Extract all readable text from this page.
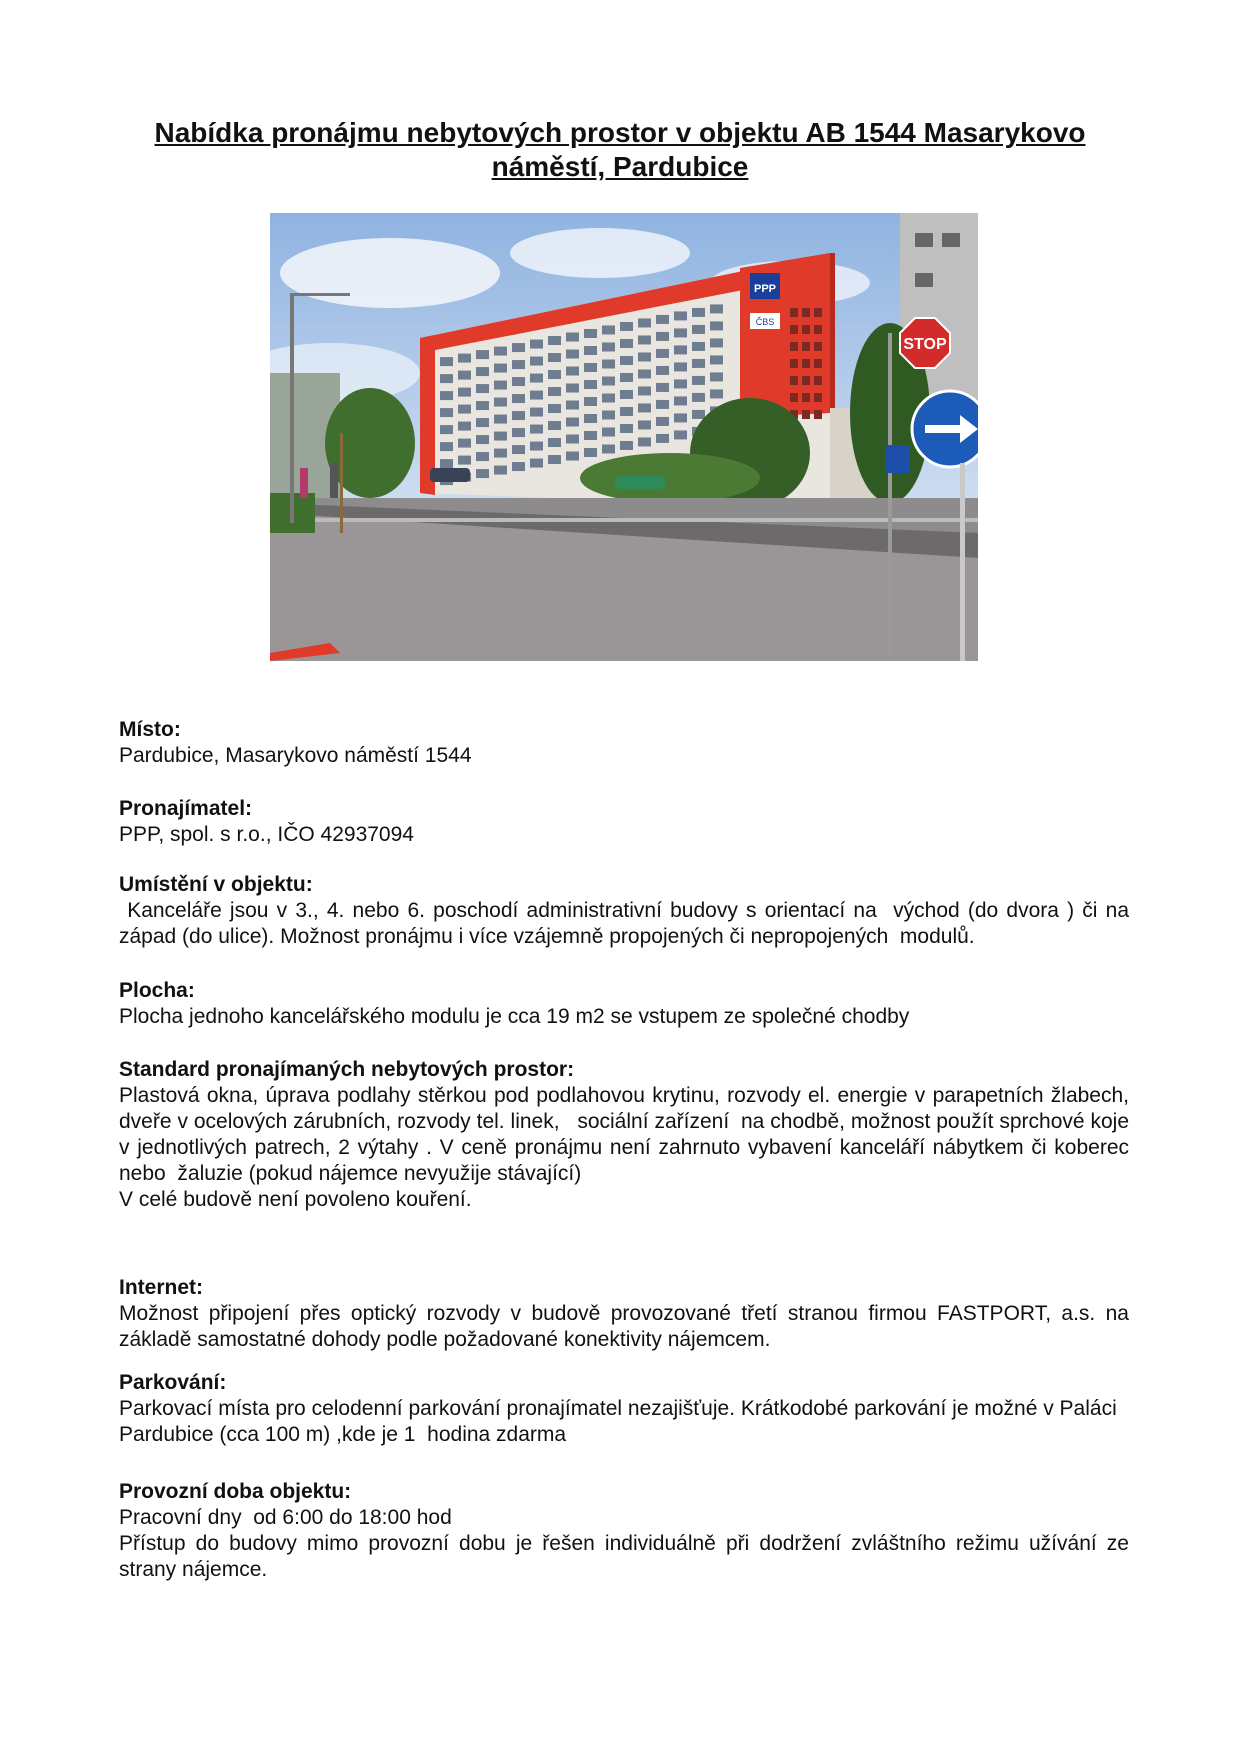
Nabídka pronájmu nebytových prostor v objektu AB 1544 Masarykovo
náměstí, Pardubice
PPP
ČBS
STOP
Místo:

Pardubice, Masarykovo náměstí 1544

Pronajímatel:

PPP, spol. s r.o., IČO 42937094

Umístění v objektu:

Kanceláře jsou v 3., 4. nebo 6. poschodí administrativní budovy s orientací na  východ (do dvora ) či na západ (do ulice). Možnost pronájmu i více vzájemně propojených či nepropojených  modulů.

Plocha:

Plocha jednoho kancelářského modulu je cca 19 m2 se vstupem ze společné chodby

Standard pronajímaných nebytových prostor:

Plastová okna, úprava podlahy stěrkou pod podlahovou krytinu, rozvody el. energie v parapetních žlabech, dveře v ocelových zárubních, rozvody tel. linek,   sociální zařízení  na chodbě, možnost použít sprchové koje v jednotlivých patrech, 2 výtahy . V ceně pronájmu není zahrnuto vybavení kanceláří nábytkem či koberec nebo  žaluzie (pokud nájemce nevyužije stávající)

V celé budově není povoleno kouření.

Internet:

Možnost připojení přes optický rozvody v budově provozované třetí stranou firmou FASTPORT, a.s. na základě samostatné dohody podle požadované konektivity nájemcem.

Parkování:

Parkovací místa pro celodenní parkování pronajímatel nezajišťuje. Krátkodobé parkování je možné v Paláci Pardubice (cca 100 m) ,kde je 1  hodina zdarma

Provozní doba objektu:

Pracovní dny  od 6:00 do 18:00 hod

Přístup do budovy mimo provozní dobu je řešen individuálně při dodržení zvláštního režimu užívání ze strany nájemce.
